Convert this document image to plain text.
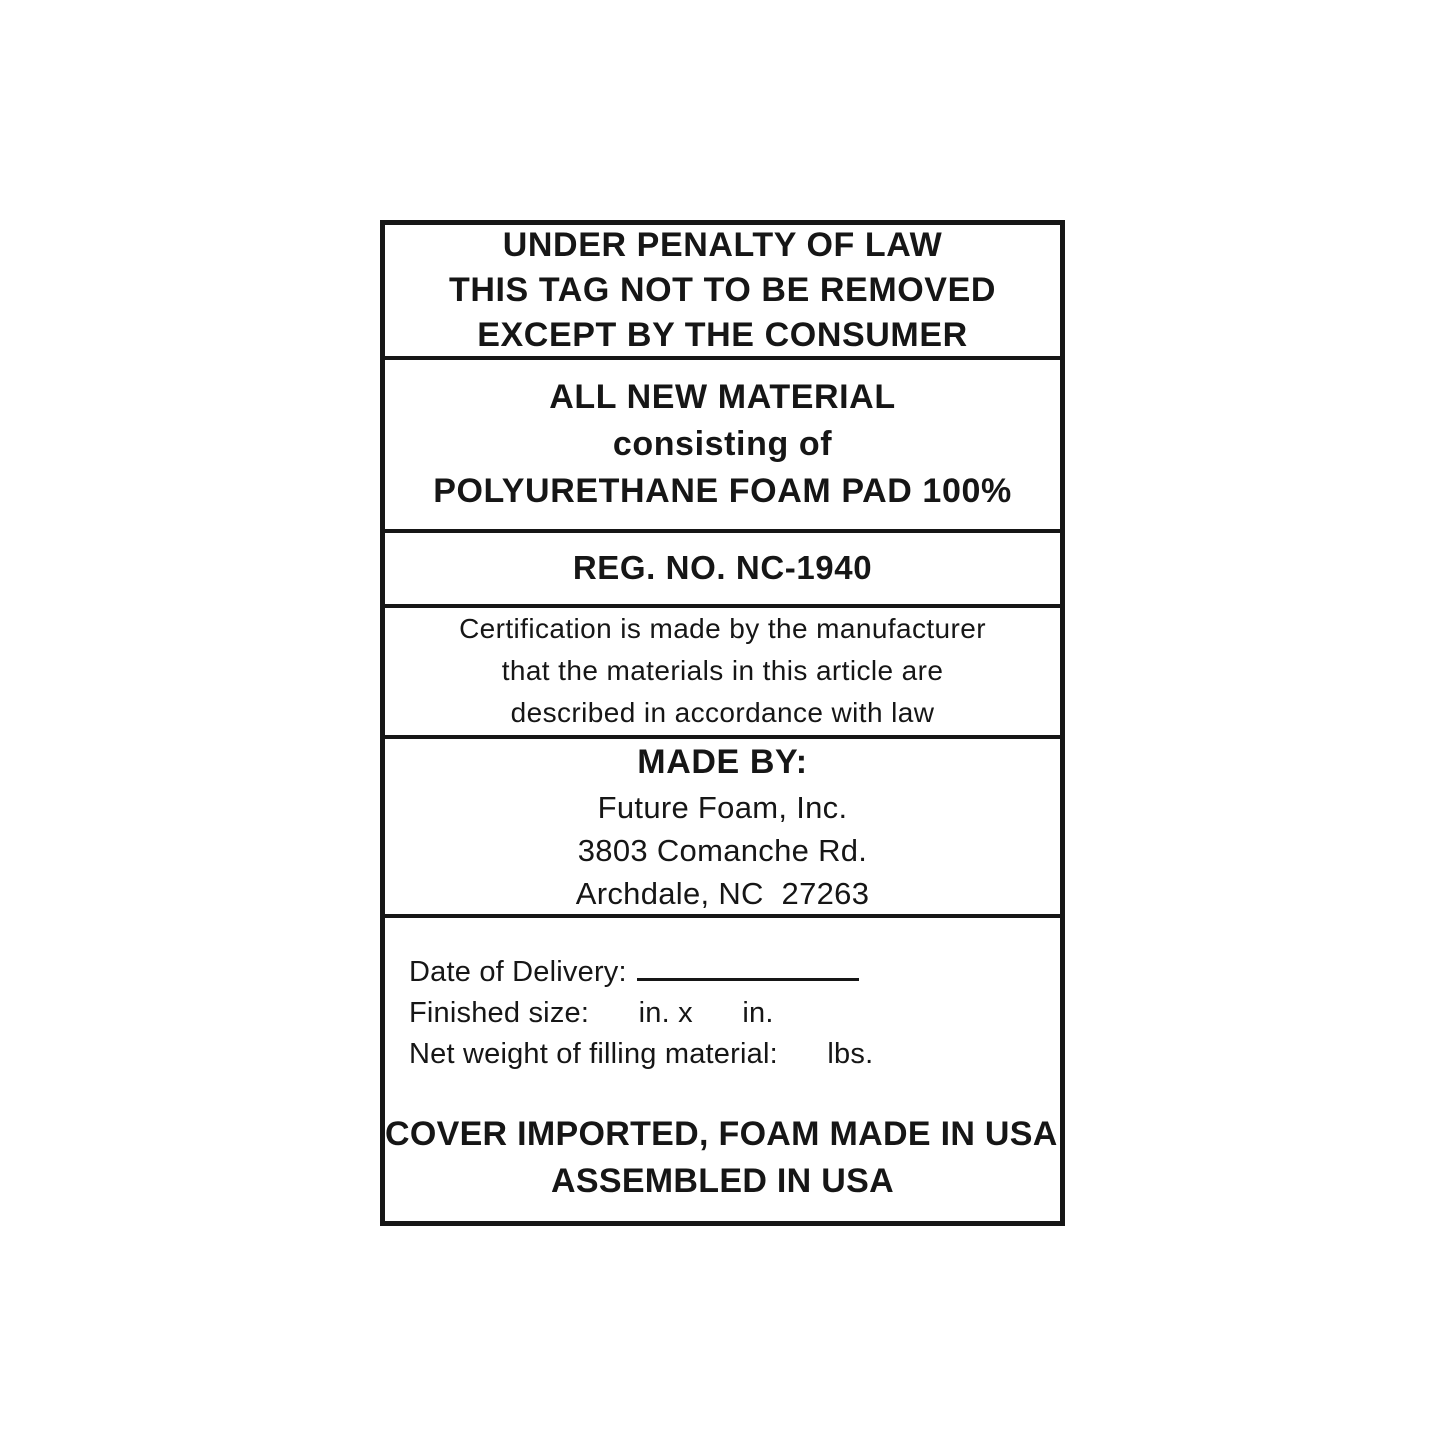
UNDER PENALTY OF LAW
THIS TAG NOT TO BE REMOVED
EXCEPT BY THE CONSUMER
ALL NEW MATERIAL
consisting of
POLYURETHANE FOAM PAD 100%
REG. NO. NC-1940
Certification is made by the manufacturer
that the materials in this article are
described in accordance with law
MADE BY:
Future Foam, Inc.
3803 Comanche Rd.
Archdale, NC  27263
Date of Delivery:
Finished size:      in. x      in.
Net weight of filling material:      lbs.
COVER IMPORTED, FOAM MADE IN USA,
ASSEMBLED IN USA
